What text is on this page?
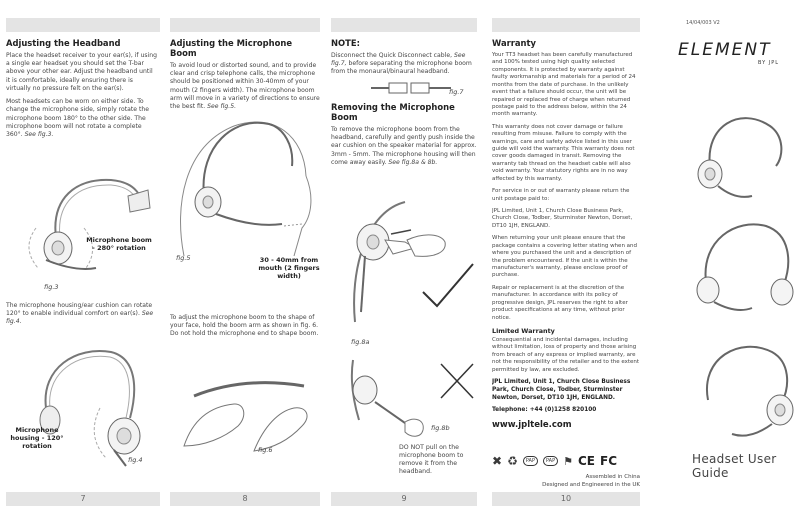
Adjusting the Headband

Place the headset receiver to your ear(s), if using a single ear headset you should set the T-bar above your other ear. Adjust the headband until it is comfortable, ideally ensuring there is virtually no pressure felt on the ear(s).

Most headsets can be worn on either side. To change the microphone side, simply rotate the microphone boom 180° to the other side. The microphone boom will not rotate a complete 360°. See fig.3.

Microphone boom - 280° rotation
fig.3

The microphone housing/ear cushion can rotate 120° to enable individual comfort on ear(s). See fig.4.

Microphone housing - 120° rotation
fig.4
7
Adjusting the Microphone Boom

To avoid loud or distorted sound, and to provide clear and crisp telephone calls, the microphone should be positioned within 30-40mm of your mouth (2 fingers width). The microphone boom arm will move in a variety of directions to ensure the best fit. See fig.5.

fig.5	30 - 40mm from mouth (2 fingers width)

To adjust the microphone boom to the shape of your face, hold the boom arm as shown in fig. 6. Do not hold the microphone end to shape boom.

fig.6
8
NOTE:

Disconnect the Quick Disconnect cable, See fig.7, before separating the microphone boom from the monaural/binaural headband.

fig.7
Removing the Microphone Boom

To remove the microphone boom from the headband, carefully and gently push inside the ear cushion on the speaker material for approx. 3mm - 5mm. The microphone housing will then come away easily. See fig.8a & 8b.

fig.8a
fig.8b
DO NOT pull on the microphone boom to remove it from the headband.
9
Warranty

Your TT3 headset has been carefully manufactured and 100% tested using high quality selected components. It is protected by warranty against faulty workmanship and materials for a period of 24 months from the date of purchase. In the unlikely event that a failure should occur, the unit will be repaired or replaced free of charge when returned postage paid to the address below, within the 24 month warranty.

This warranty does not cover damage or failure resulting from misuse. Failure to comply with the warnings, care and safety advice listed in this user guide will void the warranty. This warranty does not cover goods damaged in transit. Removing the warranty tab thread on the headset cable will also void warranty. Your statutory rights are in no way affected by this warranty.

For service in or out of warranty please return the unit postage paid to:

JPL Limited, Unit 1, Church Close Business Park, Church Close, Todber, Sturminster Newton, Dorset, DT10 1JH, ENGLAND.

When returning your unit please ensure that the package contains a covering letter stating when and where you purchased the unit and a description of the problem encountered. If the unit is within the manufacturer's warranty, please enclose proof of purchase.

Repair or replacement is at the discretion of the manufacturer. In accordance with its policy of progressive design, JPL reserves the right to alter product specifications at any time, without prior notice.

Limited Warranty

Consequential and incidental damages, including without limitation, loss of property and those arising from breach of any express or implied warranty, are not the responsibility of the retailer and to the extent permitted by law, are excluded.

JPL Limited, Unit 1, Church Close Business Park, Church Close, Todber, Sturminster Newton, Dorset, DT10 1JH, ENGLAND.

Telephone: +44 (0)1258 820100

www.jpltele.com
✖ ♻	PAP	PAP ⚑ CE FC
Assembled in China
Designed and Engineered in the UK
10
14/04/003 V2
ELEMENT
BY JPL
Headset User Guide
